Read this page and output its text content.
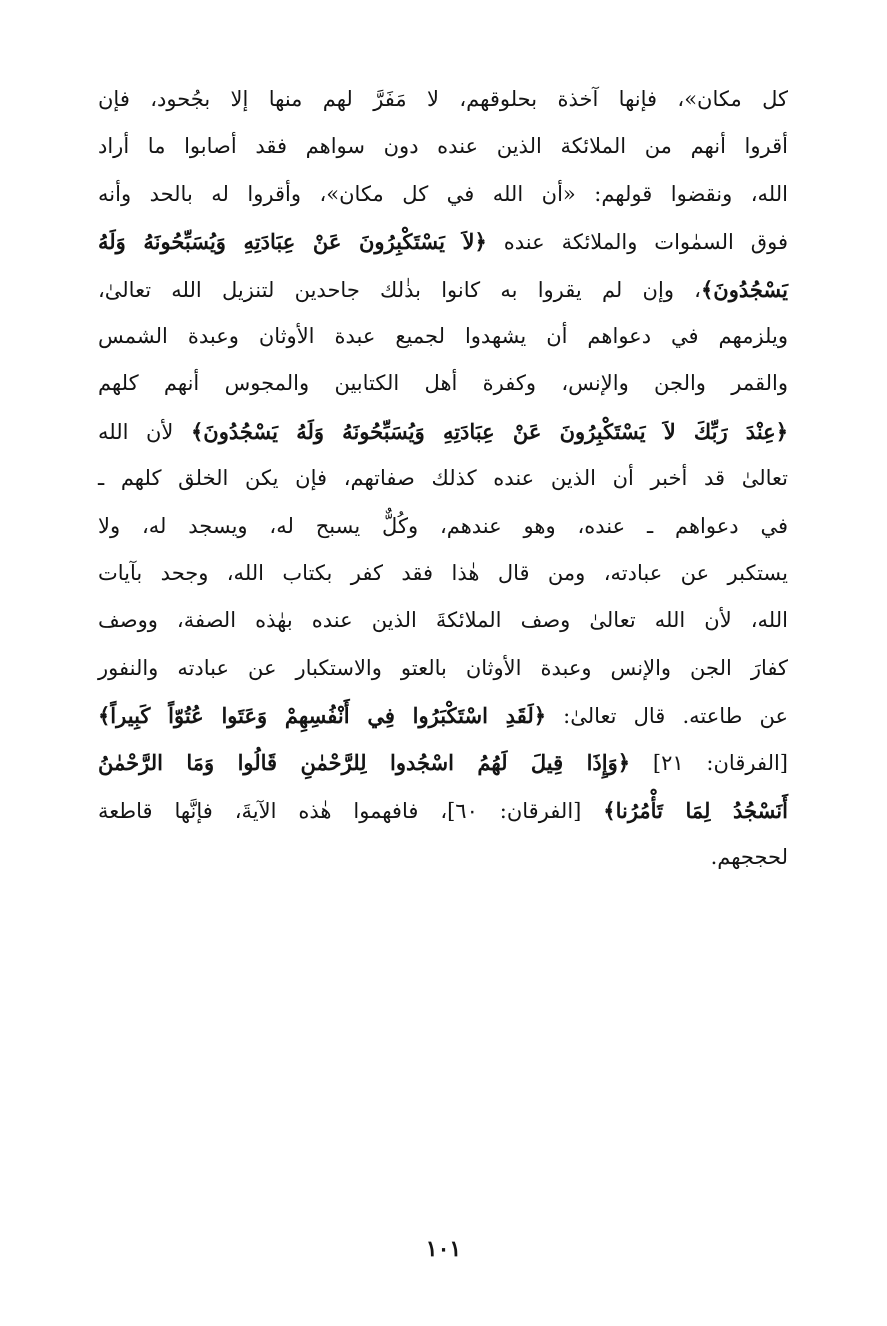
كل مكان»، فإنها آخذة بحلوقهم، لا مَفَرَّ لهم منها إلا بجُحود، فإن
أقروا أنهم من الملائكة الذين عنده دون سواهم فقد أصابوا ما أراد
الله، ونقضوا قولهم: «أن الله في كل مكان»، وأقروا له بالحد وأنه
فوق السمٰوات والملائكة عنده ﴿لاَ يَسْتَكْبِرُونَ عَنْ عِبَادَتِهِ وَيُسَبِّحُونَهُ وَلَهُ
يَسْجُدُونَ﴾، وإن لم يقروا به كانوا بذٰلك جاحدين لتنزيل الله تعالىٰ،
ويلزمهم في دعواهم أن يشهدوا لجميع عبدة الأوثان وعبدة الشمس
والقمر والجن والإنس، وكفرة أهل الكتابين والمجوس أنهم كلهم
﴿عِنْدَ رَبِّكَ لاَ يَسْتَكْبِرُونَ عَنْ عِبَادَتِهِ وَيُسَبِّحُونَهُ وَلَهُ يَسْجُدُونَ﴾ لأن الله
تعالىٰ قد أخبر أن الذين عنده كذلك صفاتهم، فإن يكن الخلق كلهم ـ
في دعواهم ـ عنده، وهو عندهم، وكُلٌّ يسبح له، ويسجد له، ولا
يستكبر عن عبادته، ومن قال هٰذا فقد كفر بكتاب الله، وجحد بآيات
الله، لأن الله تعالىٰ وصف الملائكةَ الذين عنده بهٰذه الصفة، ووصف
كفارَ الجن والإنس وعبدة الأوثان بالعتو والاستكبار عن عبادته والنفور
عن طاعته. قال تعالىٰ: ﴿لَقَدِ اسْتَكْبَرُوا فِي أَنْفُسِهِمْ وَعَتَوا عُتُوّاً كَبِيراً﴾
[الفرقان: ٢١] ﴿وَإِذَا قِيلَ لَهُمُ اسْجُدوا لِلرَّحْمٰنِ قَالُوا وَمَا الرَّحْمٰنُ
أَنَسْجُدُ لِمَا تَأْمُرُنا﴾ [الفرقان: ٦٠]، فافهموا هٰذه الآيةَ، فإنَّها قاطعة
لحججهم.
١٠١
